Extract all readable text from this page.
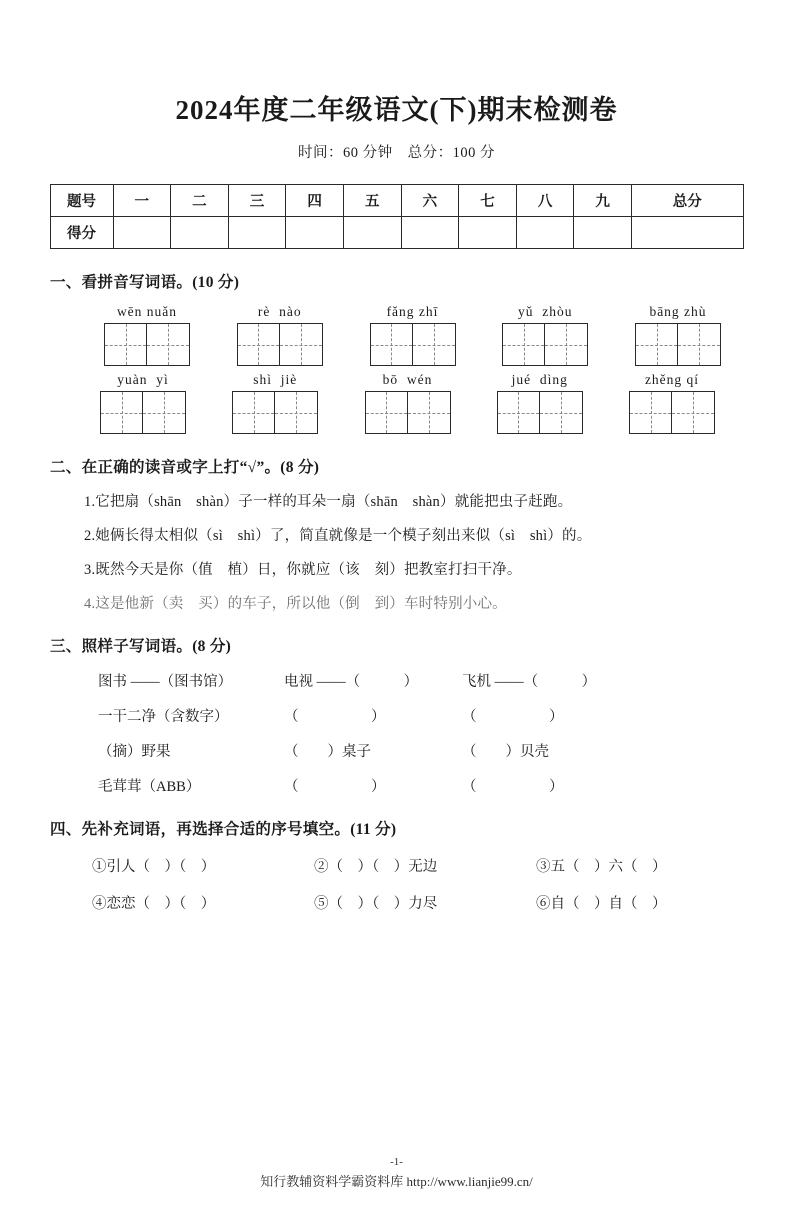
2024年度二年级语文(下)期末检测卷
时间：60 分钟　总分：100 分
题号	一	二	三	四	五	六	七	八	九	总分
得分										
一、看拼音写词语。(10 分)
wēn nuǎn	rè  nào	fǎng zhī	yǔ  zhòu	bāng zhù
yuàn  yì	shì  jiè	bō  wén	jué  dìng	zhěng qí
二、在正确的读音或字上打“√”。(8 分)
1.它把扇（shān　shàn）子一样的耳朵一扇（shān　shàn）就能把虫子赶跑。
2.她俩长得太相似（sì　shì）了，简直就像是一个模子刻出来似（sì　shì）的。
3.既然今天是你（值　植）日，你就应（该　刻）把教室打扫干净。
4.这是他新（卖　买）的车子，所以他（倒　到）车时特别小心。
三、照样子写词语。(8 分)
图书 ——（图书馆）	电视 ——（　　　）	飞机 ——（　　　）
一干二净（含数字）	（　　　　　）	（　　　　　）
（摘）野果	（　　）桌子	（　　）贝壳
毛茸茸（ABB）	（　　　　　）	（　　　　　）
四、先补充词语，再选择合适的序号填空。(11 分)
①引人（　）（　）	②（　）（　）无边	③五（　）六（　）
④恋恋（　）（　）	⑤（　）（　）力尽	⑥自（　）自（　）
-1-
知行教辅资料学霸资料库 http://www.lianjie99.cn/
